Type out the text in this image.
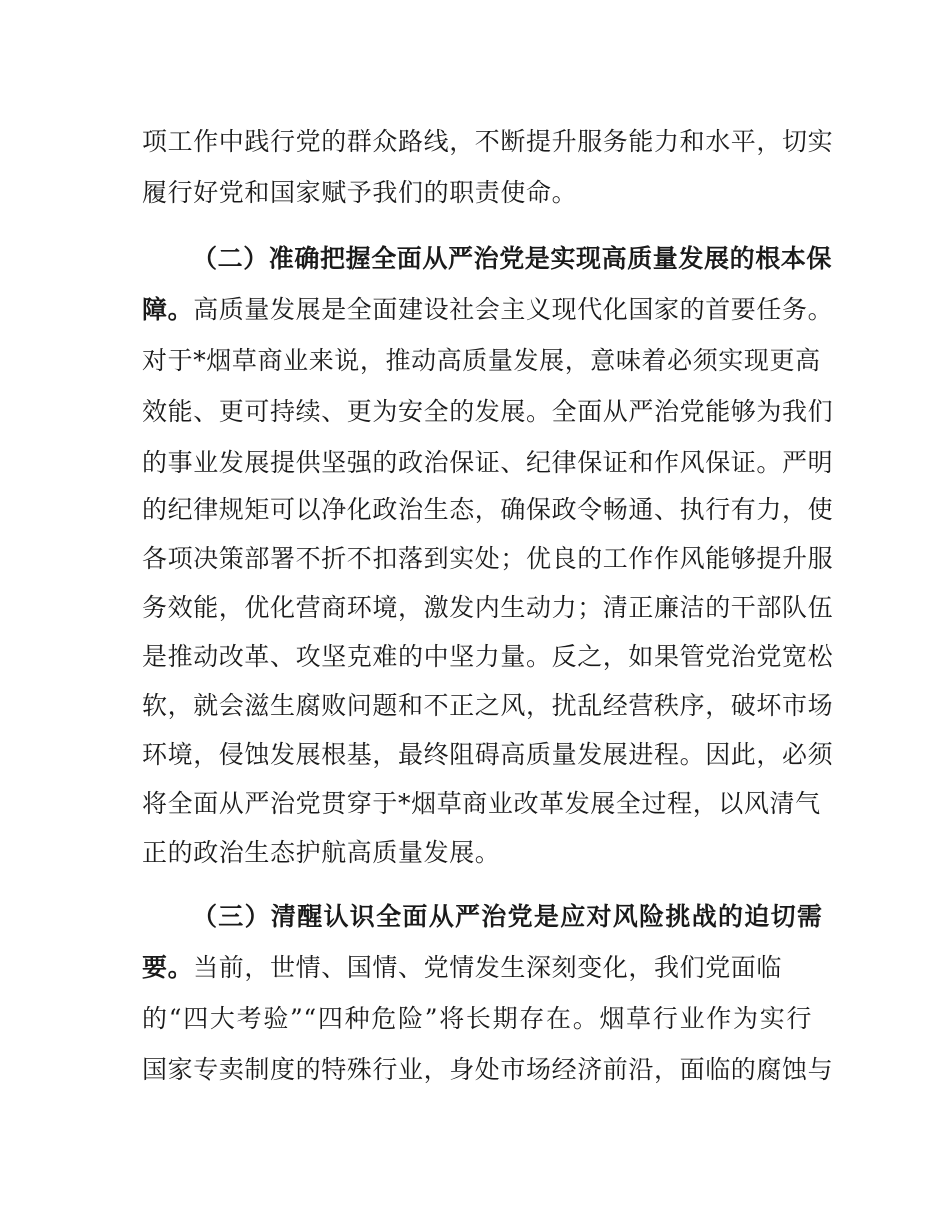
项工作中践行党的群众路线，不断提升服务能力和水平，切实
履行好党和国家赋予我们的职责使命。
（二）准确把握全面从严治党是实现高质量发展的根本保
障。高质量发展是全面建设社会主义现代化国家的首要任务。
对于*烟草商业来说，推动高质量发展，意味着必须实现更高
效能、更可持续、更为安全的发展。全面从严治党能够为我们
的事业发展提供坚强的政治保证、纪律保证和作风保证。严明
的纪律规矩可以净化政治生态，确保政令畅通、执行有力，使
各项决策部署不折不扣落到实处；优良的工作作风能够提升服
务效能，优化营商环境，激发内生动力；清正廉洁的干部队伍
是推动改革、攻坚克难的中坚力量。反之，如果管党治党宽松
软，就会滋生腐败问题和不正之风，扰乱经营秩序，破坏市场
环境，侵蚀发展根基，最终阻碍高质量发展进程。因此，必须
将全面从严治党贯穿于*烟草商业改革发展全过程，以风清气
正的政治生态护航高质量发展。
（三）清醒认识全面从严治党是应对风险挑战的迫切需
要。当前，世情、国情、党情发生深刻变化，我们党面临
的“四大考验”“四种危险”将长期存在。烟草行业作为实行
国家专卖制度的特殊行业，身处市场经济前沿，面临的腐蚀与
